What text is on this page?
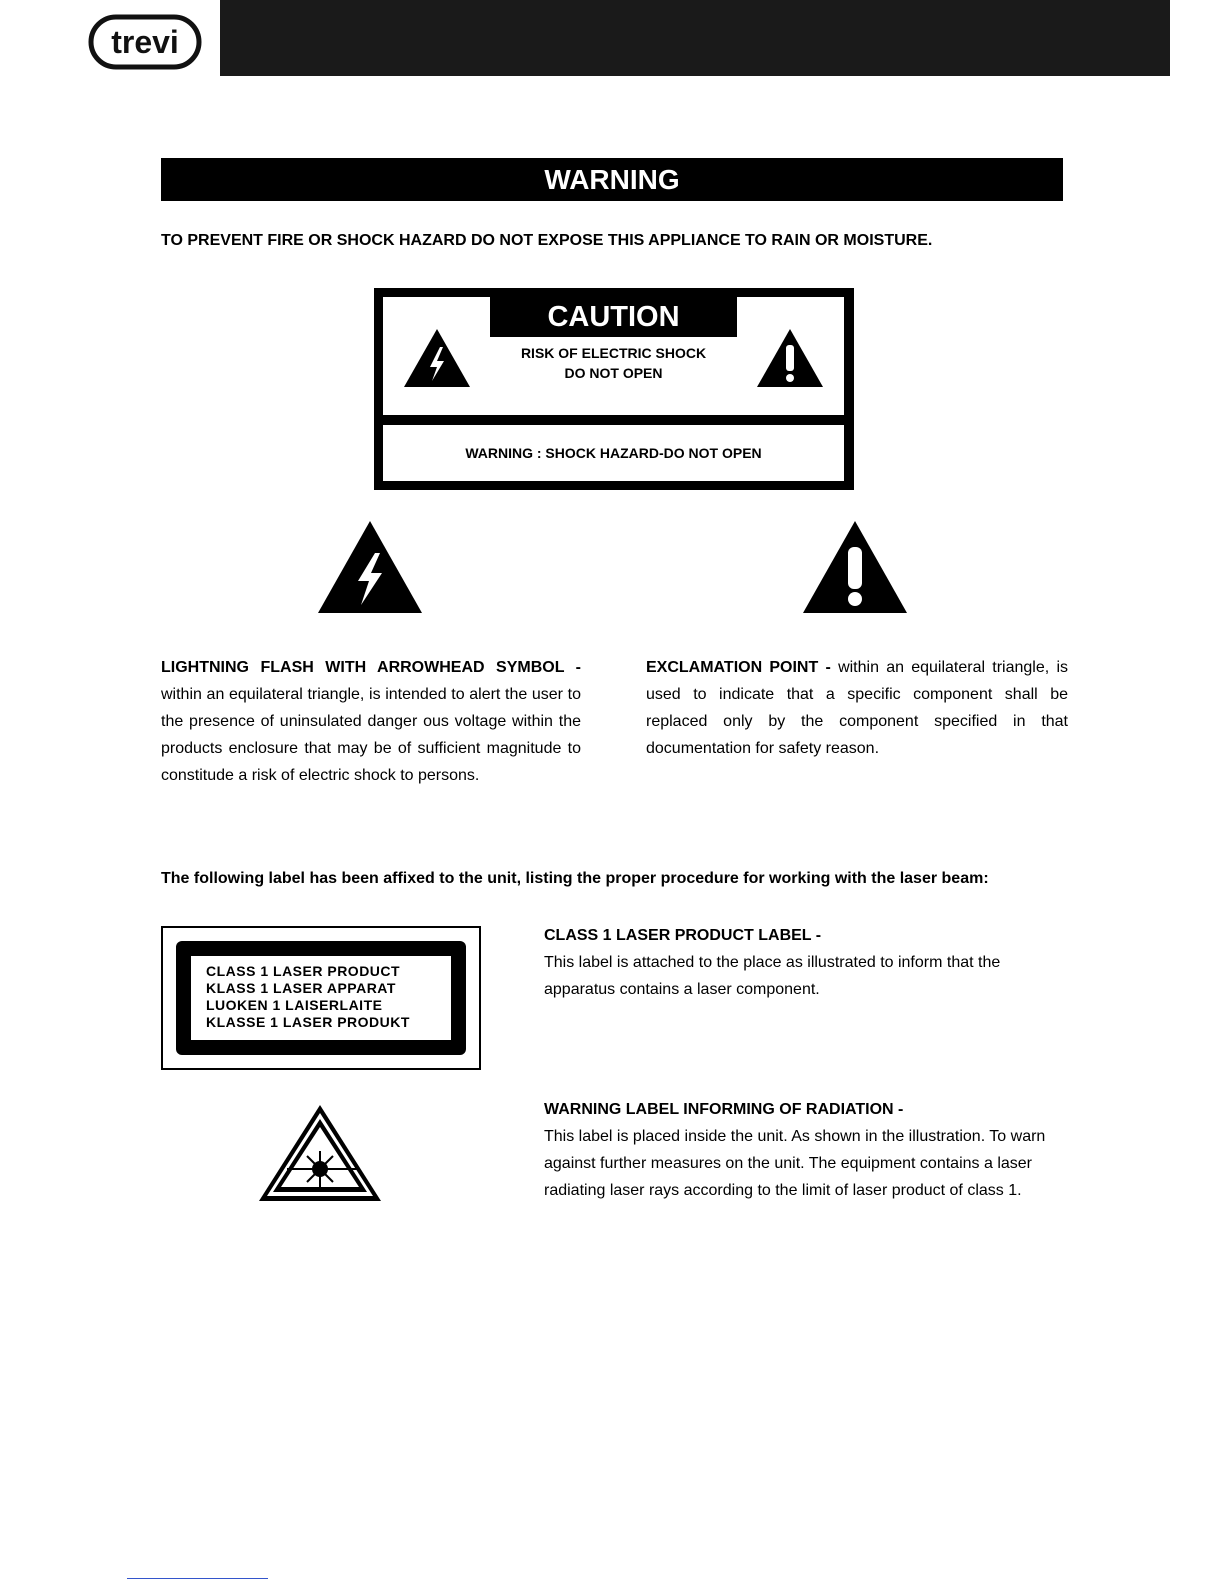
trevi
WARNING
TO PREVENT FIRE OR SHOCK HAZARD DO NOT EXPOSE THIS APPLIANCE TO RAIN OR MOISTURE.
CAUTION
RISK OF ELECTRIC SHOCK
DO NOT OPEN
WARNING : SHOCK HAZARD-DO NOT OPEN
LIGHTNING FLASH WITH ARROWHEAD SYMBOL - within an equilateral triangle, is intended to alert the user to the presence of uninsulated danger ous voltage within the products enclosure that may be of sufficient magnitude to constitude a risk of electric shock to persons.
EXCLAMATION POINT - within an equilateral triangle, is used to indicate that a specific component shall be replaced only by the component specified in that documentation for safety reason.
The following label has been affixed to the unit, listing the proper procedure for working with the laser beam:
CLASS 1 LASER PRODUCT
KLASS 1 LASER APPARAT
LUOKEN 1 LAISERLAITE
KLASSE 1 LASER PRODUKT
CLASS 1 LASER PRODUCT LABEL -
This label is attached to the place as illustrated to inform that the apparatus contains a laser component.
WARNING LABEL INFORMING OF RADIATION -
This label is placed inside the unit. As shown in the illustration. To warn against further measures on the unit. The equipment contains a laser radiating laser rays according to the limit of laser product of class 1.
